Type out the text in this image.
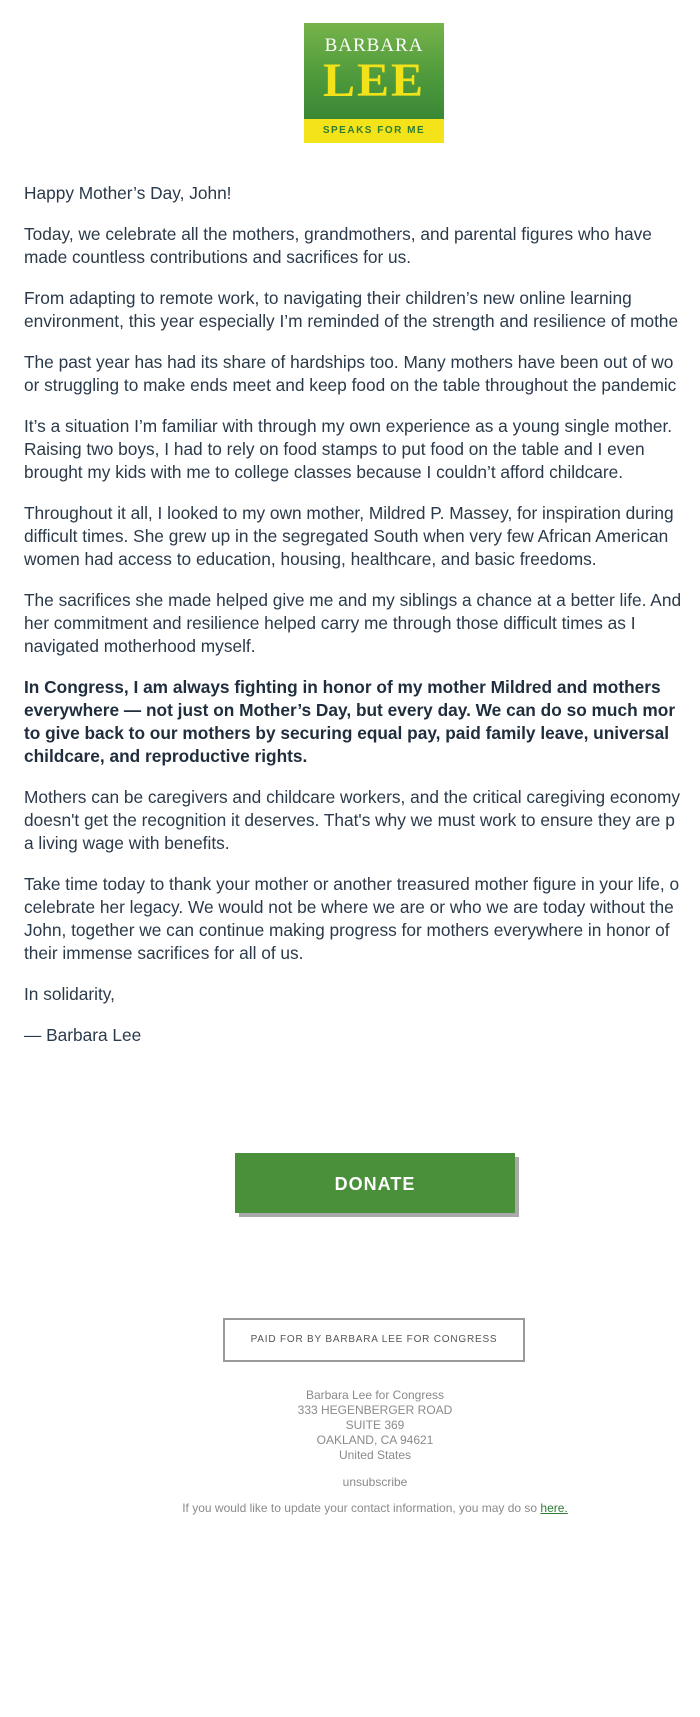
BARBARA
LEE
SPEAKS FOR ME

Happy Mother’s Day, John!

Today, we celebrate all the mothers, grandmothers, and parental figures who have
made countless contributions and sacrifices for us.

From adapting to remote work, to navigating their children’s new online learning
environment, this year especially I’m reminded of the strength and resilience of mothe

The past year has had its share of hardships too. Many mothers have been out of wo
or struggling to make ends meet and keep food on the table throughout the pandemic

It’s a situation I’m familiar with through my own experience as a young single mother.
Raising two boys, I had to rely on food stamps to put food on the table and I even
brought my kids with me to college classes because I couldn’t afford childcare.

Throughout it all, I looked to my own mother, Mildred P. Massey, for inspiration during
difficult times. She grew up in the segregated South when very few African American
women had access to education, housing, healthcare, and basic freedoms.

The sacrifices she made helped give me and my siblings a chance at a better life. And
her commitment and resilience helped carry me through those difficult times as I
navigated motherhood myself.

In Congress, I am always fighting in honor of my mother Mildred and mothers
everywhere — not just on Mother’s Day, but every day. We can do so much mor
to give back to our mothers by securing equal pay, paid family leave, universal
childcare, and reproductive rights.

Mothers can be caregivers and childcare workers, and the critical caregiving economy
doesn't get the recognition it deserves. That's why we must work to ensure they are p
a living wage with benefits.

Take time today to thank your mother or another treasured mother figure in your life, o
celebrate her legacy. We would not be where we are or who we are today without the
John, together we can continue making progress for mothers everywhere in honor of
their immense sacrifices for all of us.

In solidarity,

— Barbara Lee

DONATE
PAID FOR BY BARBARA LEE FOR CONGRESS
Barbara Lee for Congress
333 HEGENBERGER ROAD
SUITE 369
OAKLAND, CA 94621
United States
unsubscribe
If you would like to update your contact information, you may do so here.
